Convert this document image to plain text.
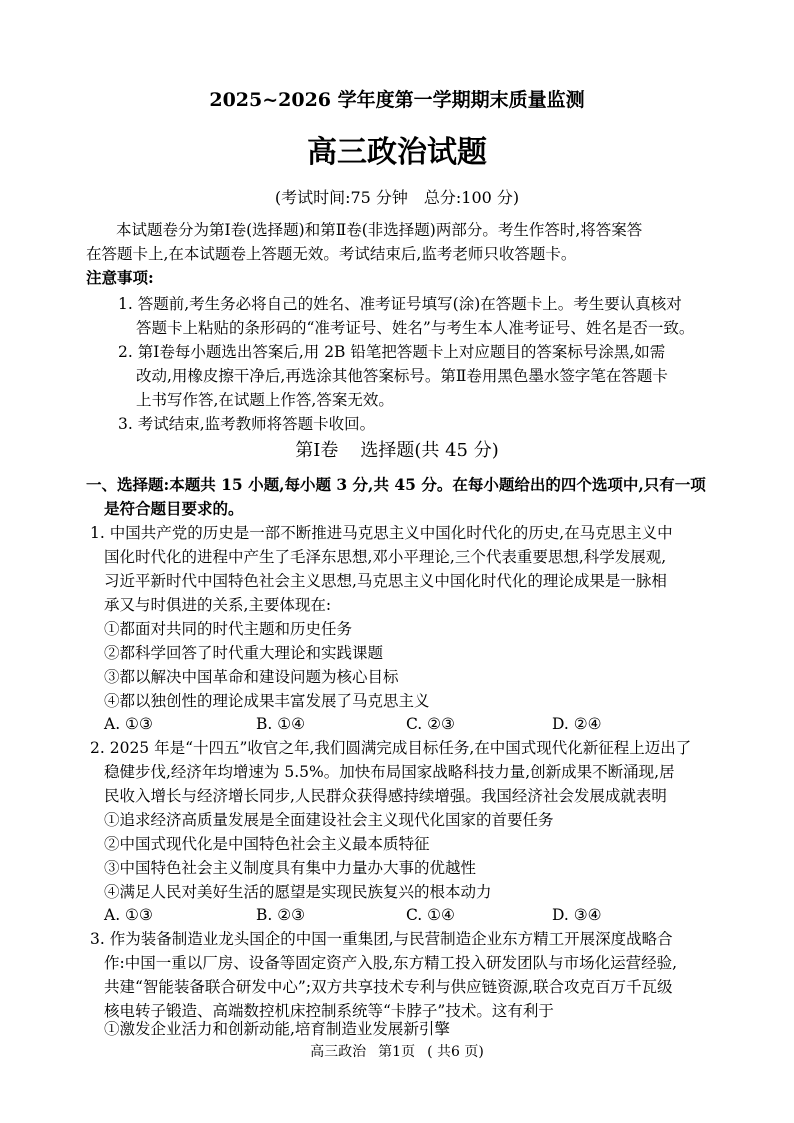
2025~2026 学年度第一学期期末质量监测
高三政治试题
(考试时间:75 分钟　总分:100 分)
本试题卷分为第Ⅰ卷(选择题)和第Ⅱ卷(非选择题)两部分。考生作答时,将答案答
在答题卡上,在本试题卷上答题无效。考试结束后,监考老师只收答题卡。
注意事项:
1. 答题前,考生务必将自己的姓名、准考证号填写(涂)在答题卡上。考生要认真核对
答题卡上粘贴的条形码的“准考证号、姓名”与考生本人准考证号、姓名是否一致。
2. 第Ⅰ卷每小题选出答案后,用 2B 铅笔把答题卡上对应题目的答案标号涂黑,如需
改动,用橡皮擦干净后,再选涂其他答案标号。第Ⅱ卷用黑色墨水签字笔在答题卡
上书写作答,在试题上作答,答案无效。
3. 考试结束,监考教师将答题卡收回。
第Ⅰ卷 选择题(共 45 分)
一、选择题:本题共 15 小题,每小题 3 分,共 45 分。在每小题给出的四个选项中,只有一项
是符合题目要求的。
1. 中国共产党的历史是一部不断推进马克思主义中国化时代化的历史,在马克思主义中
国化时代化的进程中产生了毛泽东思想,邓小平理论,三个代表重要思想,科学发展观,
习近平新时代中国特色社会主义思想,马克思主义中国化时代化的理论成果是一脉相
承又与时俱进的关系,主要体现在:
①都面对共同的时代主题和历史任务
②都科学回答了时代重大理论和实践课题
③都以解决中国革命和建设问题为核心目标
④都以独创性的理论成果丰富发展了马克思主义
A. ①③	B. ①④	C. ②③	D. ②④
2. 2025 年是“十四五”收官之年,我们圆满完成目标任务,在中国式现代化新征程上迈出了
稳健步伐,经济年均增速为 5.5%。加快布局国家战略科技力量,创新成果不断涌现,居
民收入增长与经济增长同步,人民群众获得感持续增强。我国经济社会发展成就表明
①追求经济高质量发展是全面建设社会主义现代化国家的首要任务
②中国式现代化是中国特色社会主义最本质特征
③中国特色社会主义制度具有集中力量办大事的优越性
④满足人民对美好生活的愿望是实现民族复兴的根本动力
A. ①③	B. ②③	C. ①④	D. ③④
3. 作为装备制造业龙头国企的中国一重集团,与民营制造企业东方精工开展深度战略合
作:中国一重以厂房、设备等固定资产入股,东方精工投入研发团队与市场化运营经验,
共建“智能装备联合研发中心”;双方共享技术专利与供应链资源,联合攻克百万千瓦级
核电转子锻造、高端数控机床控制系统等“卡脖子”技术。这有利于
①激发企业活力和创新动能,培育制造业发展新引擎
高三政治 第1页 ( 共6 页)
